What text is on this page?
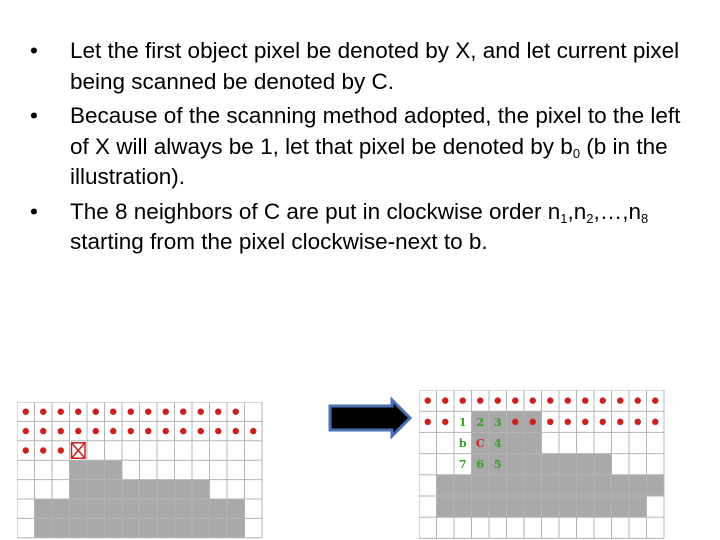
•	Let the first object pixel be denoted by X, and let current pixel being scanned be denoted by C.
•	Because of the scanning method adopted, the pixel to the left of X will always be 1, let that pixel be denoted by $b_0$ (b in the illustration).
•	The 8 neighbors of C are put in clockwise order $n_1,n_2,\dots,n_8$ starting from the pixel clockwise-next to b.
1 2 3
b C 4
7 6 5
